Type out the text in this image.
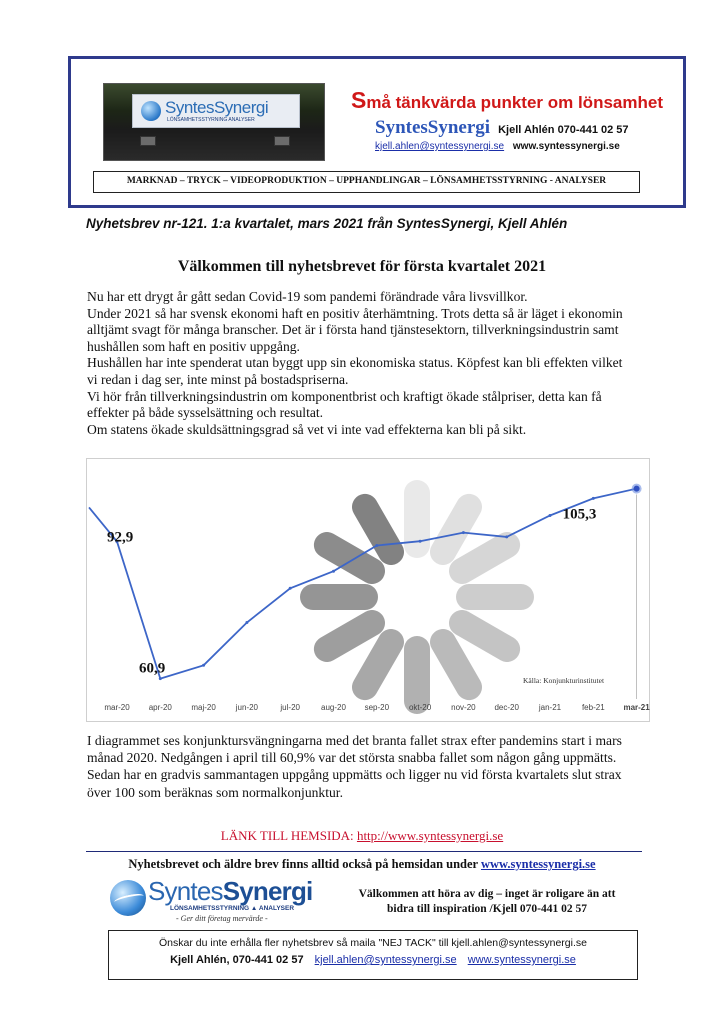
SyntesSynergi
LÖNSAMHETSSTYRNING ANALYSER
Små tänkvärda punkter om lönsamhet
SyntesSynergi Kjell Ahlén 070-441 02 57
kjell.ahlen@syntessynergi.se www.syntessynergi.se
MARKNAD – TRYCK – VIDEOPRODUKTION – UPPHANDLINGAR – LÖNSAMHETSSTYRNING - ANALYSER
Nyhetsbrev nr-121. 1:a kvartalet, mars 2021 från SyntesSynergi, Kjell Ahlén
Välkommen till nyhetsbrevet för första kvartalet 2021

Nu har ett drygt år gått sedan Covid-19 som pandemi förändrade våra livsvillkor.

Under 2021 så har svensk ekonomi haft en positiv återhämtning. Trots detta så är läget i ekonomin

alltjämt svagt för många branscher. Det är i första hand tjänstesektorn, tillverkningsindustrin samt

hushållen som haft en positiv uppgång.

Hushållen har inte spenderat utan byggt upp sin ekonomiska status. Köpfest kan bli effekten vilket

vi redan i dag ser, inte minst på bostadspriserna.

Vi hör från tillverkningsindustrin om komponentbrist och kraftigt ökade stålpriser, detta kan få

effekter på både sysselsättning och resultat.

Om statens ökade skuldsättningsgrad så vet vi inte vad effekterna kan bli på sikt.

mar-20 apr-20 maj-20 jun-20	jul-20	aug-20 sep-20 okt-20 nov-20 dec-20 jan-21	feb-21 mar-21
92,9
60,9
105,3
Källa: Konjunkturinstitutet

I diagrammet ses konjunktursvängningarna med det branta fallet strax efter pandemins start i mars

månad 2020. Nedgången i april till 60,9% var det största snabba fallet som någon gång uppmätts.

Sedan har en gradvis sammantagen uppgång uppmätts och ligger nu vid första kvartalets slut strax

över 100 som beräknas som normalkonjunktur.

LÄNK TILL HEMSIDA: http://www.syntessynergi.se
Nyhetsbrevet och äldre brev finns alltid också på hemsidan under www.syntessynergi.se
SyntesSynergi
LÖNSAMHETSSTYRNING ▲ ANALYSER
- Ger ditt företag mervärde -
Välkommen att höra av dig – inget är roligare än att
bidra till inspiration /Kjell 070-441 02 57
Önskar du inte erhålla fler nyhetsbrev så maila "NEJ TACK" till kjell.ahlen@syntessynergi.se
Kjell Ahlén, 070-441 02 57 kjell.ahlen@syntessynergi.se www.syntessynergi.se
